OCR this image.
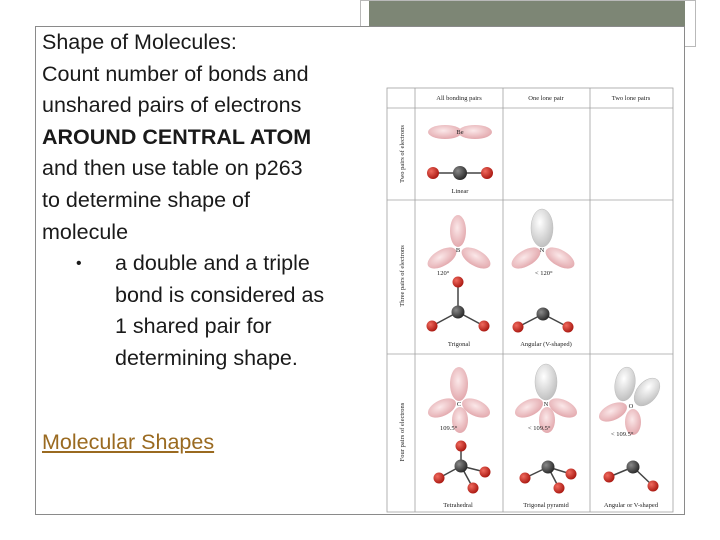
Shape of Molecules:
Count number of bonds and
unshared pairs of electrons
AROUND CENTRAL ATOM
and then use table on p263
to determine shape of
molecule
• a double and a triple
bond is considered as
1 shared pair for
determining shape.
Molecular Shapes
All bonding pairs	One lone pair	Two lone pairs
Two pairs of electrons
Three pairs of electrons
Four pairs of electrons
Be
Linear
B
120°
Trigonal
N
< 120°
Angular (V-shaped)
C
109.5°
Tetrahedral
N
< 109.5°
Trigonal pyramid
O
< 109.5°
Angular or V-shaped
